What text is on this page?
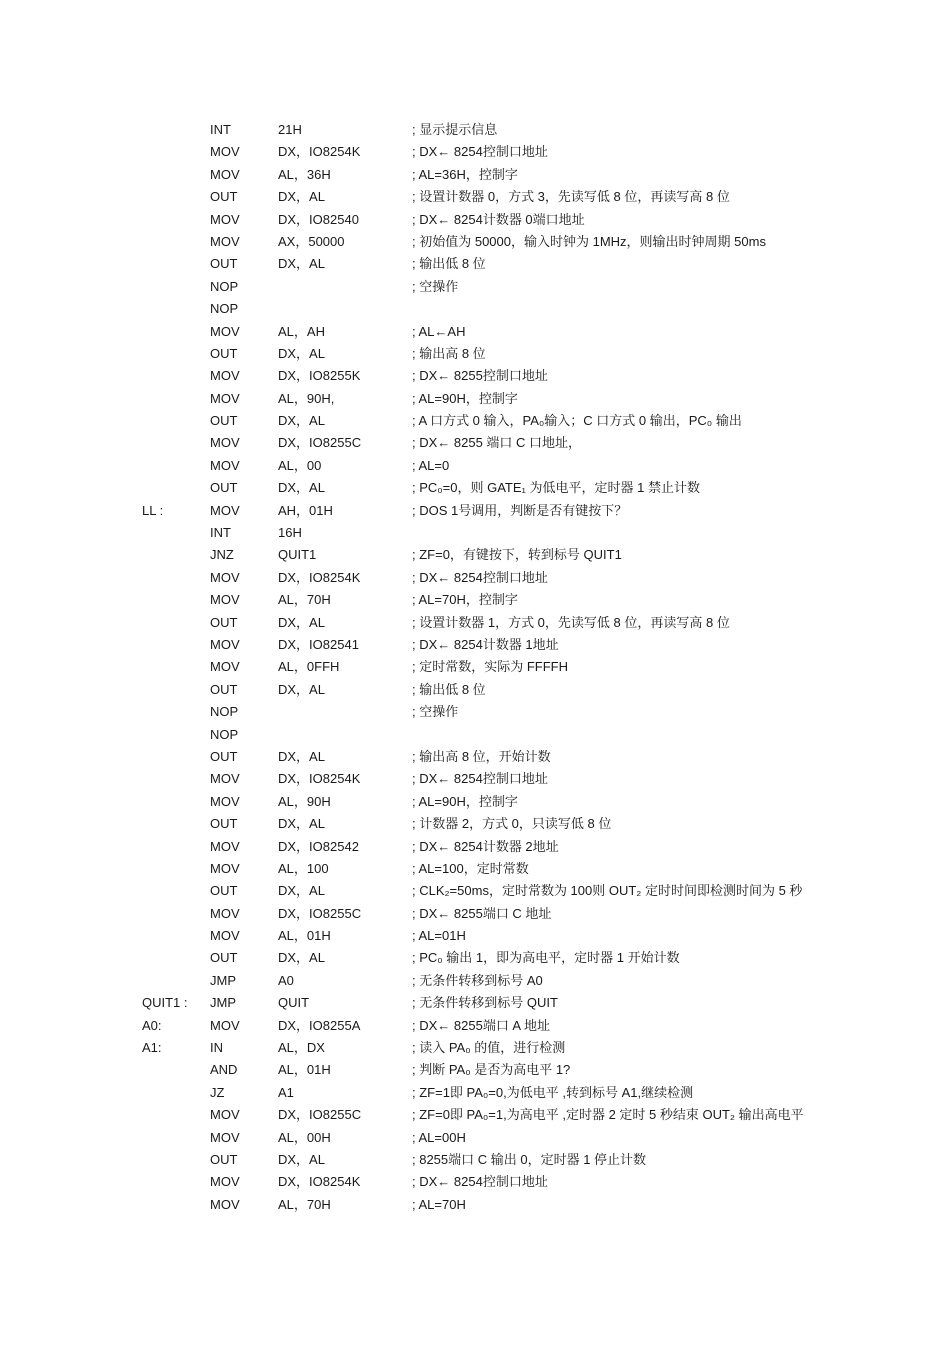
INT	21H	; 显示提示信息
MOV	DX，IO8254K	; DX← 8254控制口地址
MOV	AL，36H	; AL=36H，控制字
OUT	DX，AL	; 设置计数器 0，方式 3，先读写低 8 位，再读写高 8 位
MOV	DX，IO82540	; DX← 8254计数器 0端口地址
MOV	AX，50000	; 初始值为 50000，输入时钟为 1MHz，则输出时钟周期 50ms
OUT	DX，AL	; 输出低 8 位
NOP	; 空操作
NOP
MOV	AL，AH	; AL←AH
OUT	DX，AL	; 输出高 8 位
MOV	DX，IO8255K	; DX← 8255控制口地址
MOV	AL，90H,	; AL=90H，控制字
OUT	DX，AL	; A 口方式 0 输入，PA₀输入；C 口方式 0 输出，PC₀ 输出
MOV	DX，IO8255C	; DX← 8255 端口 C 口地址，
MOV	AL，00	; AL=0
OUT	DX，AL	; PC₀=0，则 GATE₁ 为低电平，定时器 1 禁止计数
LL :	MOV	AH，01H	; DOS 1号调用，判断是否有键按下？
INT	16H
JNZ	QUIT1	; ZF=0，有键按下，转到标号 QUIT1
MOV	DX，IO8254K	; DX← 8254控制口地址
MOV	AL，70H	; AL=70H，控制字
OUT	DX，AL	; 设置计数器 1，方式 0，先读写低 8 位，再读写高 8 位
MOV	DX，IO82541	; DX← 8254计数器 1地址
MOV	AL，0FFH	; 定时常数，实际为 FFFFH
OUT	DX，AL	; 输出低 8 位
NOP	; 空操作
NOP
OUT	DX，AL	; 输出高 8 位，开始计数
MOV	DX，IO8254K	; DX← 8254控制口地址
MOV	AL，90H	; AL=90H，控制字
OUT	DX，AL	; 计数器 2，方式 0，只读写低 8 位
MOV	DX，IO82542	; DX← 8254计数器 2地址
MOV	AL，100	; AL=100，定时常数
OUT	DX，AL	; CLK₂=50ms，定时常数为 100则 OUT₂ 定时时间即检测时间为 5 秒
MOV	DX，IO8255C	; DX← 8255端口 C 地址
MOV	AL，01H	; AL=01H
OUT	DX，AL	; PC₀ 输出 1，即为高电平，定时器 1 开始计数
JMP	A0	; 无条件转移到标号 A0
QUIT1 : JMP	QUIT	; 无条件转移到标号 QUIT
A0:	MOV	DX，IO8255A	; DX← 8255端口 A 地址
A1:	IN	AL，DX	; 读入 PA₀ 的值，进行检测
AND	AL，01H	; 判断 PA₀ 是否为高电平 1?
JZ	A1	; ZF=1即 PA₀=0,为低电平 ,转到标号 A1,继续检测
MOV	DX，IO8255C	; ZF=0即 PA₀=1,为高电平 ,定时器 2 定时 5 秒结束 OUT₂ 输出高电平
MOV	AL，00H	; AL=00H
OUT	DX，AL	; 8255端口 C 输出 0，定时器 1 停止计数
MOV	DX，IO8254K	; DX← 8254控制口地址
MOV	AL，70H	; AL=70H
